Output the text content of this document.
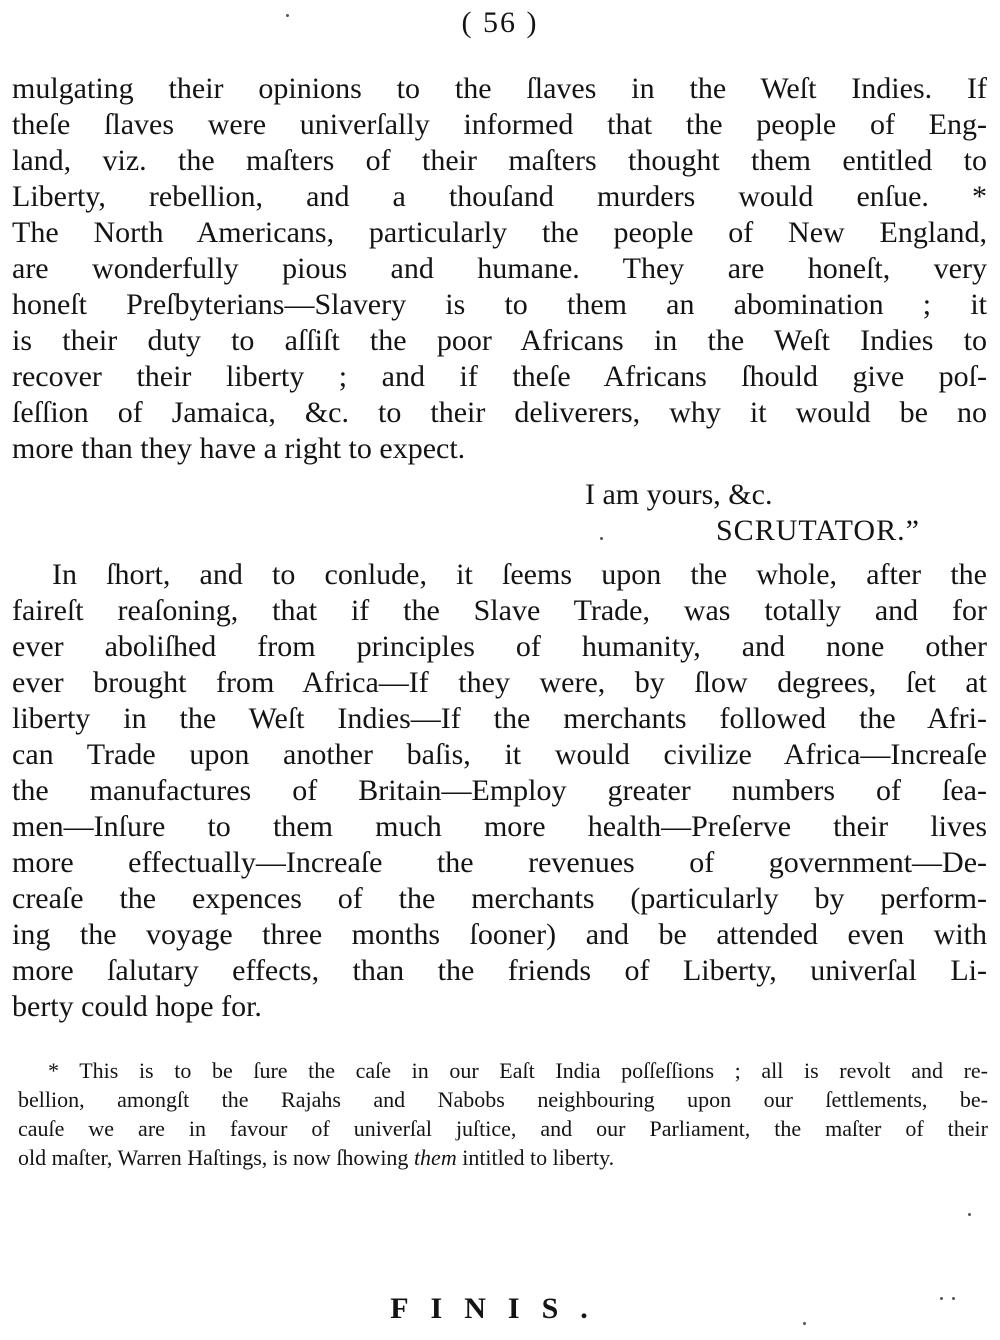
( 56 )
mulgating their opinions to the ſlaves in the Weſt Indies. If
theſe ſlaves were univerſally informed that the people of Eng-
land, viz. the maſters of their maſters thought them entitled to
Liberty, rebellion, and a thouſand murders would enſue. *
The North Americans, particularly the people of New England,
are wonderfully pious and humane. They are honeſt, very
honeſt Preſbyterians—Slavery is to them an abomination ; it
is their duty to aſſiſt the poor Africans in the Weſt Indies to
recover their liberty ; and if theſe Africans ſhould give poſ-
ſeſſion of Jamaica, &c. to their deliverers, why it would be no
more than they have a right to expect.
I am yours, &c.
SCRUTATOR.”
In ſhort, and to conlude, it ſeems upon the whole, after the
faireſt reaſoning, that if the Slave Trade, was totally and for
ever aboliſhed from principles of humanity, and none other
ever brought from Africa—If they were, by ſlow degrees, ſet at
liberty in the Weſt Indies—If the merchants followed the Afri-
can Trade upon another baſis, it would civilize Africa—Increaſe
the manufactures of Britain—Employ greater numbers of ſea-
men—Inſure to them much more health—Preſerve their lives
more effectually—Increaſe the revenues of government—De-
creaſe the expences of the merchants (particularly by perform-
ing the voyage three months ſooner) and be attended even with
more ſalutary effects, than the friends of Liberty, univerſal Li-
berty could hope for.
* This is to be ſure the caſe in our Eaſt India poſſeſſions ; all is revolt and re-
bellion, amongſt the Rajahs and Nabobs neighbouring upon our ſettlements, be-
cauſe we are in favour of univerſal juſtice, and our Parliament, the maſter of their
old maſter, Warren Haſtings, is now ſhowing them intitled to liberty.
FINIS.
